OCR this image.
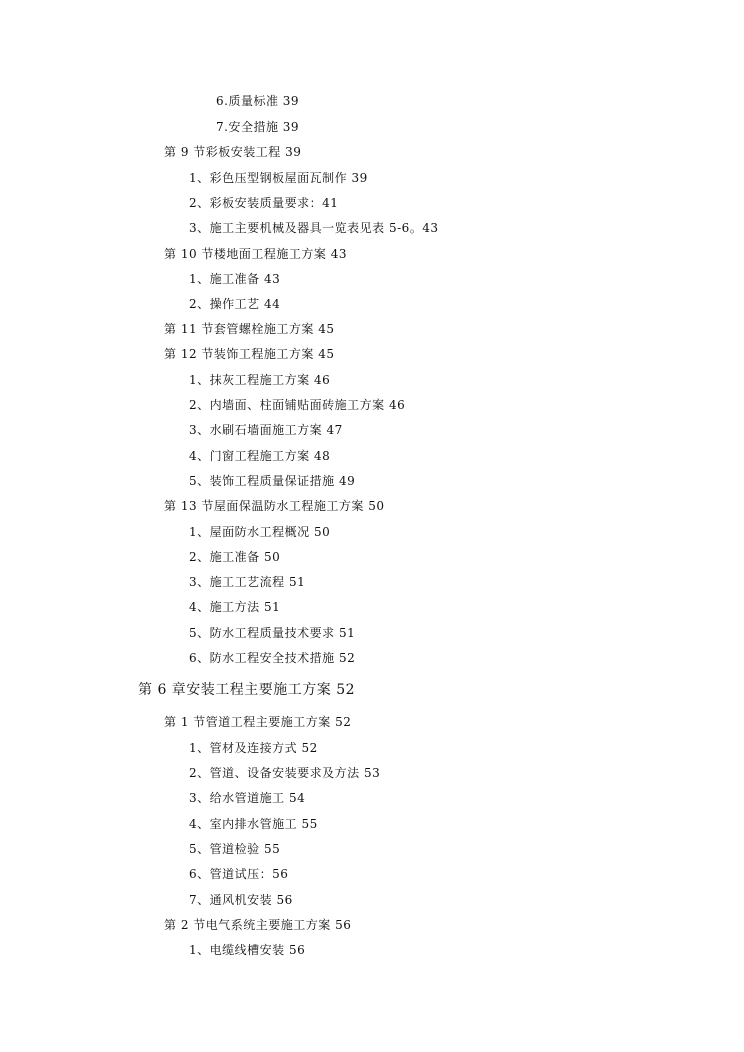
6.质量标准 39
7.安全措施 39
第 9 节彩板安装工程 39
1、彩色压型钢板屋面瓦制作 39
2、彩板安装质量要求：41
3、施工主要机械及器具一览表见表 5-6。43
第 10 节楼地面工程施工方案 43
1、施工准备 43
2、操作工艺 44
第 11 节套管螺栓施工方案 45
第 12 节装饰工程施工方案 45
1、抹灰工程施工方案 46
2、内墙面、柱面铺贴面砖施工方案 46
3、水刷石墙面施工方案 47
4、门窗工程施工方案 48
5、装饰工程质量保证措施 49
第 13 节屋面保温防水工程施工方案 50
1、屋面防水工程概况 50
2、施工准备 50
3、施工工艺流程 51
4、施工方法 51
5、防水工程质量技术要求 51
6、防水工程安全技术措施 52
第 6 章安装工程主要施工方案 52
第 1 节管道工程主要施工方案 52
1、管材及连接方式 52
2、管道、设备安装要求及方法 53
3、给水管道施工 54
4、室内排水管施工 55
5、管道检验 55
6、管道试压：56
7、通风机安装 56
第 2 节电气系统主要施工方案 56
1、电缆线槽安装 56
